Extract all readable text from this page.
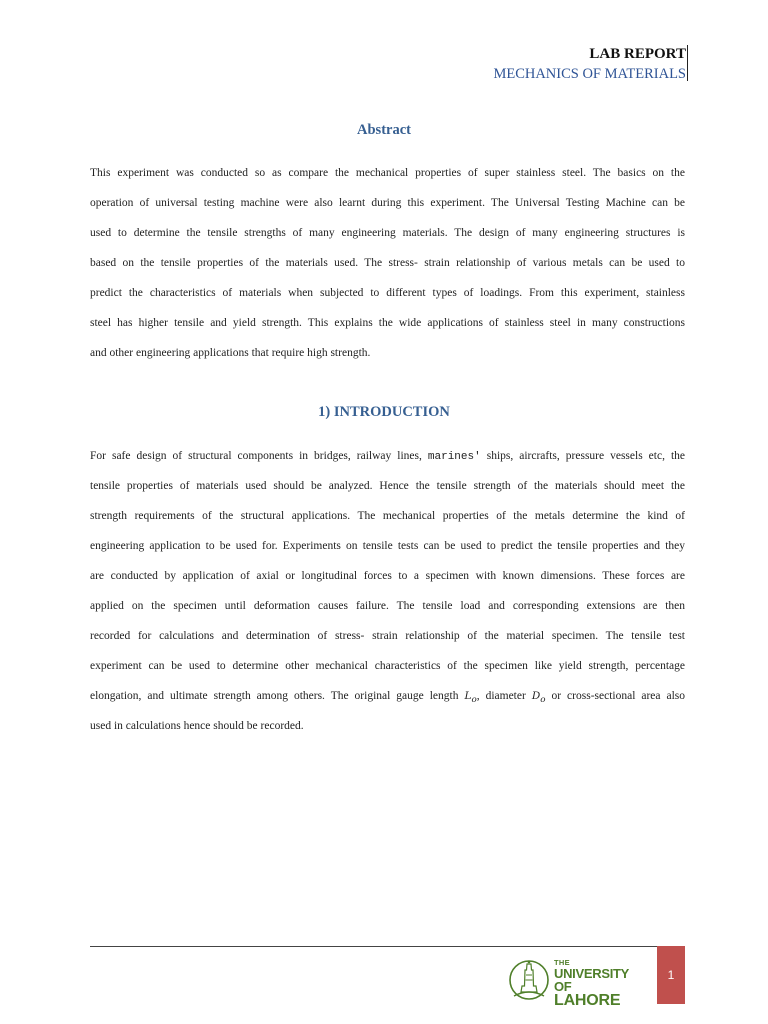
LAB REPORT
MECHANICS OF MATERIALS
Abstract
This experiment was conducted so as compare the mechanical properties of super stainless steel. The basics on the
operation of universal testing machine were also learnt during this experiment. The Universal Testing Machine can be
used to determine the tensile strengths of many engineering materials. The design of many engineering structures is
based on the tensile properties of the materials used. The stress- strain relationship of various metals can be used to
predict the characteristics of materials when subjected to different types of loadings. From this experiment, stainless
steel has higher tensile and yield strength. This explains the wide applications of stainless steel in many constructions
and other engineering applications that require high strength.
1) INTRODUCTION
For safe design of structural components in bridges, railway lines, marines' ships, aircrafts, pressure vessels etc, the
tensile properties of materials used should be analyzed. Hence the tensile strength of the materials should meet the
strength requirements of the structural applications. The mechanical properties of the metals determine the kind of
engineering application to be used for. Experiments on tensile tests can be used to predict the tensile properties and they
are conducted by application of axial or longitudinal forces to a specimen with known dimensions. These forces are
applied on the specimen until deformation causes failure. The tensile load and corresponding extensions are then
recorded for calculations and determination of stress- strain relationship of the material specimen. The tensile test
experiment can be used to determine other mechanical characteristics of the specimen like yield strength, percentage
elongation, and ultimate strength among others. The original gauge length $L_o$, diameter $D_o$ or cross-sectional area also
used in calculations hence should be recorded.
THE
UNIVERSITY OF
LAHORE
1
